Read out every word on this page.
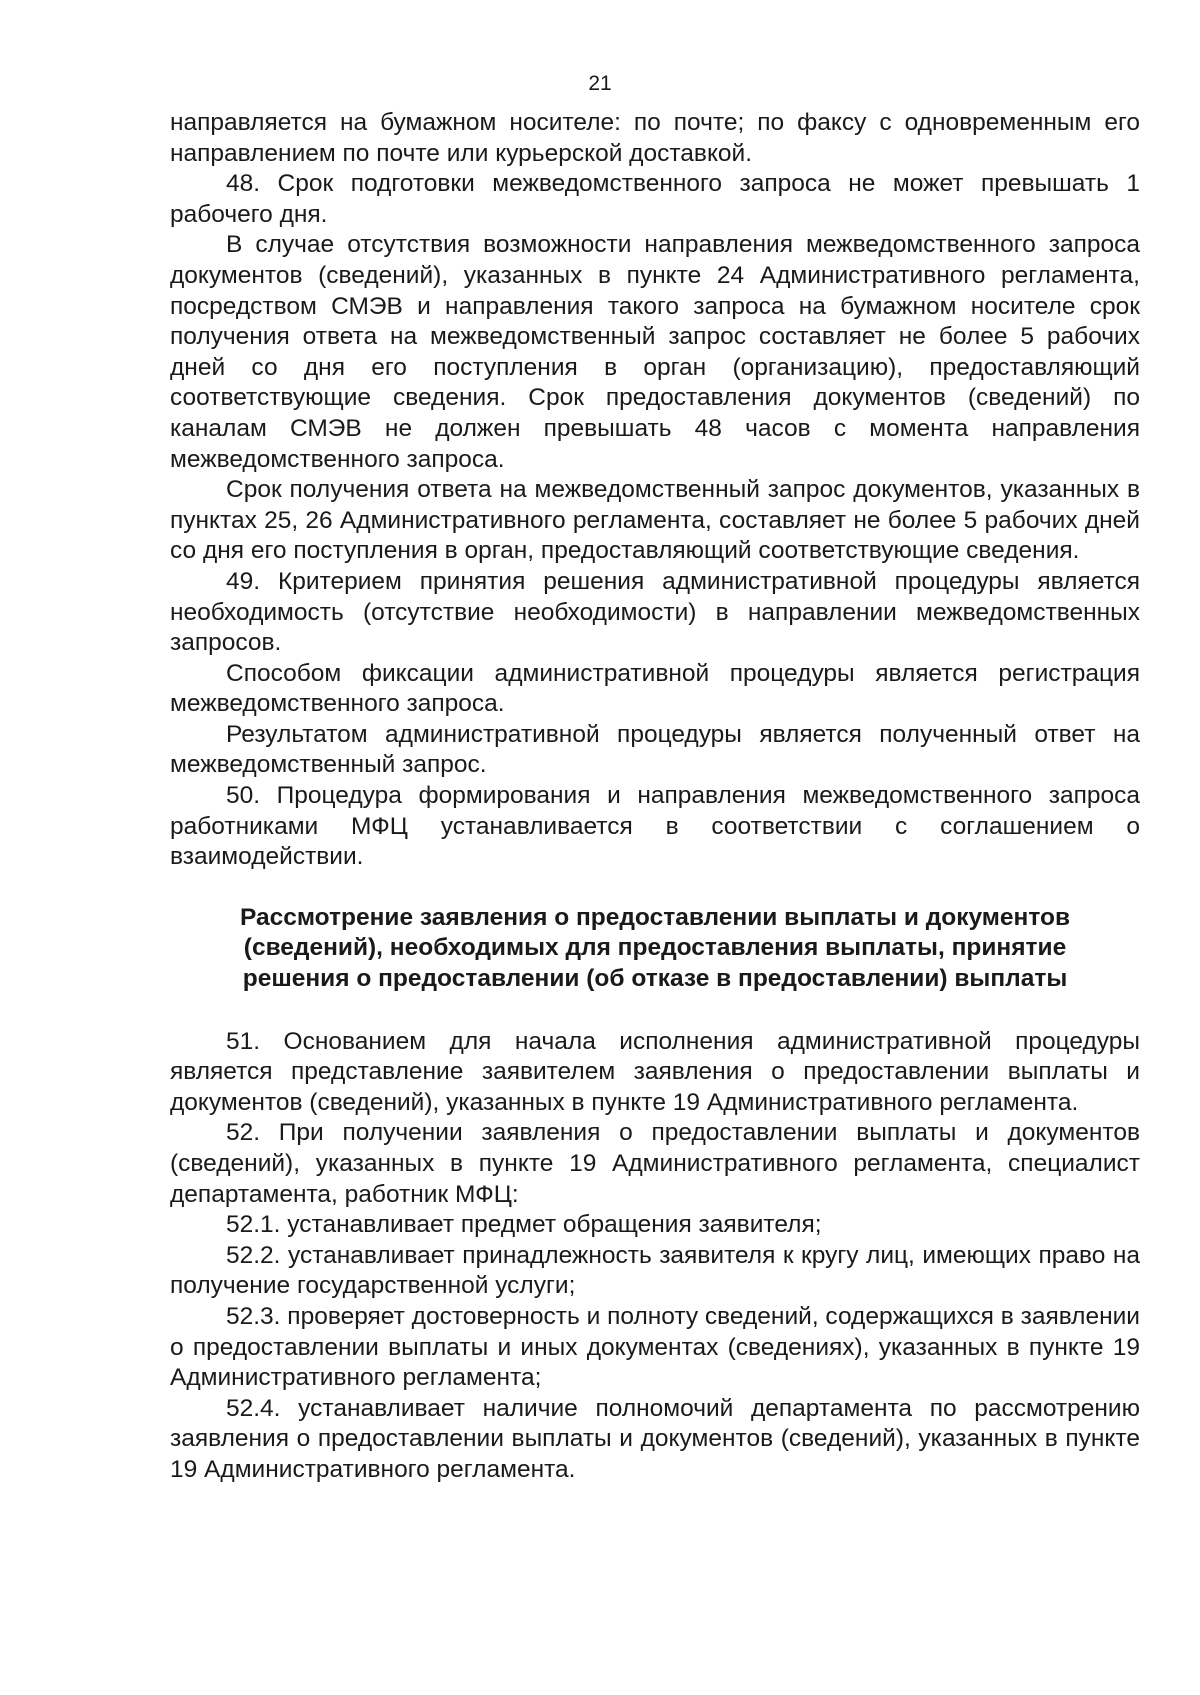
21

направляется на бумажном носителе: по почте; по факсу с одновременным его направлением по почте или курьерской доставкой.

48. Срок подготовки межведомственного запроса не может превышать 1 рабочего дня.

В случае отсутствия возможности направления межведомственного запроса документов (сведений), указанных в пункте 24 Административного регламента, посредством СМЭВ и направления такого запроса на бумажном носителе срок получения ответа на межведомственный запрос составляет не более 5 рабочих дней со дня его поступления в орган (организацию), предоставляющий соответствующие сведения. Срок предоставления документов (сведений) по каналам СМЭВ не должен превышать 48 часов с момента направления межведомственного запроса.

Срок получения ответа на межведомственный запрос документов, указанных в пунктах 25, 26 Административного регламента, составляет не более 5 рабочих дней со дня его поступления в орган, предоставляющий соответствующие сведения.

49. Критерием принятия решения административной процедуры является необходимость (отсутствие необходимости) в направлении межведомственных запросов.

Способом фиксации административной процедуры является регистрация межведомственного запроса.

Результатом административной процедуры является полученный ответ на межведомственный запрос.

50. Процедура формирования и направления межведомственного запроса работниками МФЦ устанавливается в соответствии с соглашением о взаимодействии.

Рассмотрение заявления о предоставлении выплаты и документов (сведений), необходимых для предоставления выплаты, принятие решения о предоставлении (об отказе в предоставлении) выплаты

51. Основанием для начала исполнения административной процедуры является представление заявителем заявления о предоставлении выплаты и документов (сведений), указанных в пункте 19 Административного регламента.

52. При получении заявления о предоставлении выплаты и документов (сведений), указанных в пункте 19 Административного регламента, специалист департамента, работник МФЦ:

52.1. устанавливает предмет обращения заявителя;

52.2. устанавливает принадлежность заявителя к кругу лиц, имеющих право на получение государственной услуги;

52.3. проверяет достоверность и полноту сведений, содержащихся в заявлении о предоставлении выплаты и иных документах (сведениях), указанных в пункте 19 Административного регламента;

52.4. устанавливает наличие полномочий департамента по рассмотрению заявления о предоставлении выплаты и документов (сведений), указанных в пункте 19 Административного регламента.
